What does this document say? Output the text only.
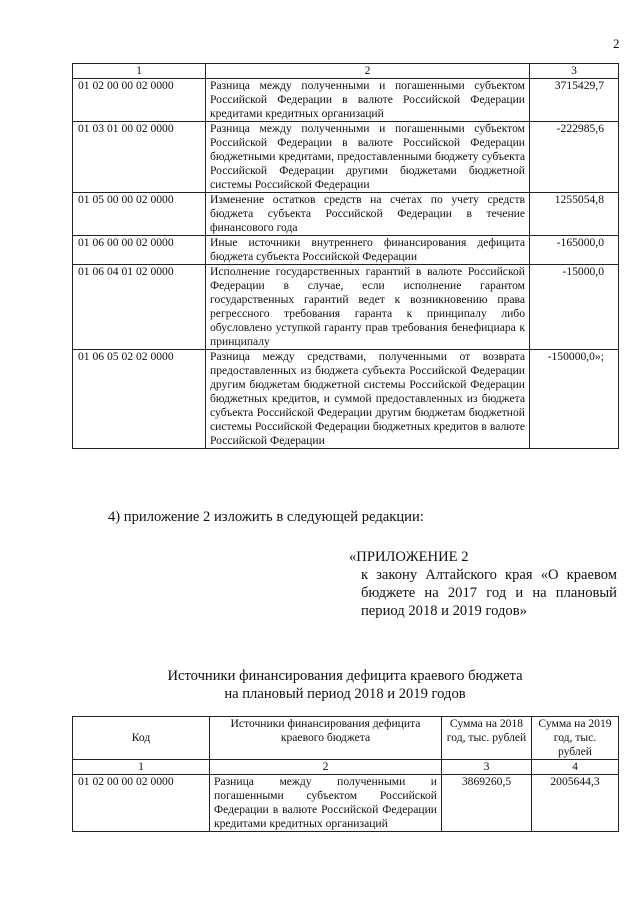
2
1	2	3
01 02 00 00 02 0000	Разница между полученными и погашенными субъектом Российской Федерации в валюте Российской Федерации кредитами кредитных организаций	3715429,7
01 03 01 00 02 0000	Разница между полученными и погашенными субъектом Российской Федерации в валюте Российской Федерации бюджетными кредитами, предоставленными бюджету субъекта Российской Федерации другими бюджетами бюджетной системы Российской Федерации	-222985,6
01 05 00 00 02 0000	Изменение остатков средств на счетах по учету средств бюджета субъекта Российской Федерации в течение финансового года	1255054,8
01 06 00 00 02 0000	Иные источники внутреннего финансирования дефицита бюджета субъекта Российской Федерации	-165000,0
01 06 04 01 02 0000	Исполнение государственных гарантий в валюте Российской Федерации в случае, если исполнение гарантом государственных гарантий ведет к возникновению права регрессного требования гаранта к принципалу либо обусловлено уступкой гаранту прав требования бенефициара к принципалу	-15000,0
01 06 05 02 02 0000	Разница между средствами, полученными от возврата предоставленных из бюджета субъекта Российской Федерации другим бюджетам бюджетной системы Российской Федерации бюджетных кредитов, и суммой предоставленных из бюджета субъекта Российской Федерации другим бюджетам бюджетной системы Российской Федерации бюджетных кредитов в валюте Российской Федерации	-150000,0»;
4) приложение 2 изложить в следующей редакции:
«ПРИЛОЖЕНИЕ 2
к закону Алтайского края «О краевом бюджете на 2017 год и на плановый период 2018 и 2019 годов»
Источники финансирования дефицита краевого бюджета
на плановый период 2018 и 2019 годов
Код	Источники финансирования дефицита краевого бюджета	Сумма на 2018 год, тыс. рублей	Сумма на 2019 год, тыс. рублей
1	2	3	4
01 02 00 00 02 0000	Разница между полученными и погашенными субъектом Российской Федерации в валюте Российской Федерации кредитами кредитных организаций	3869260,5	2005644,3
